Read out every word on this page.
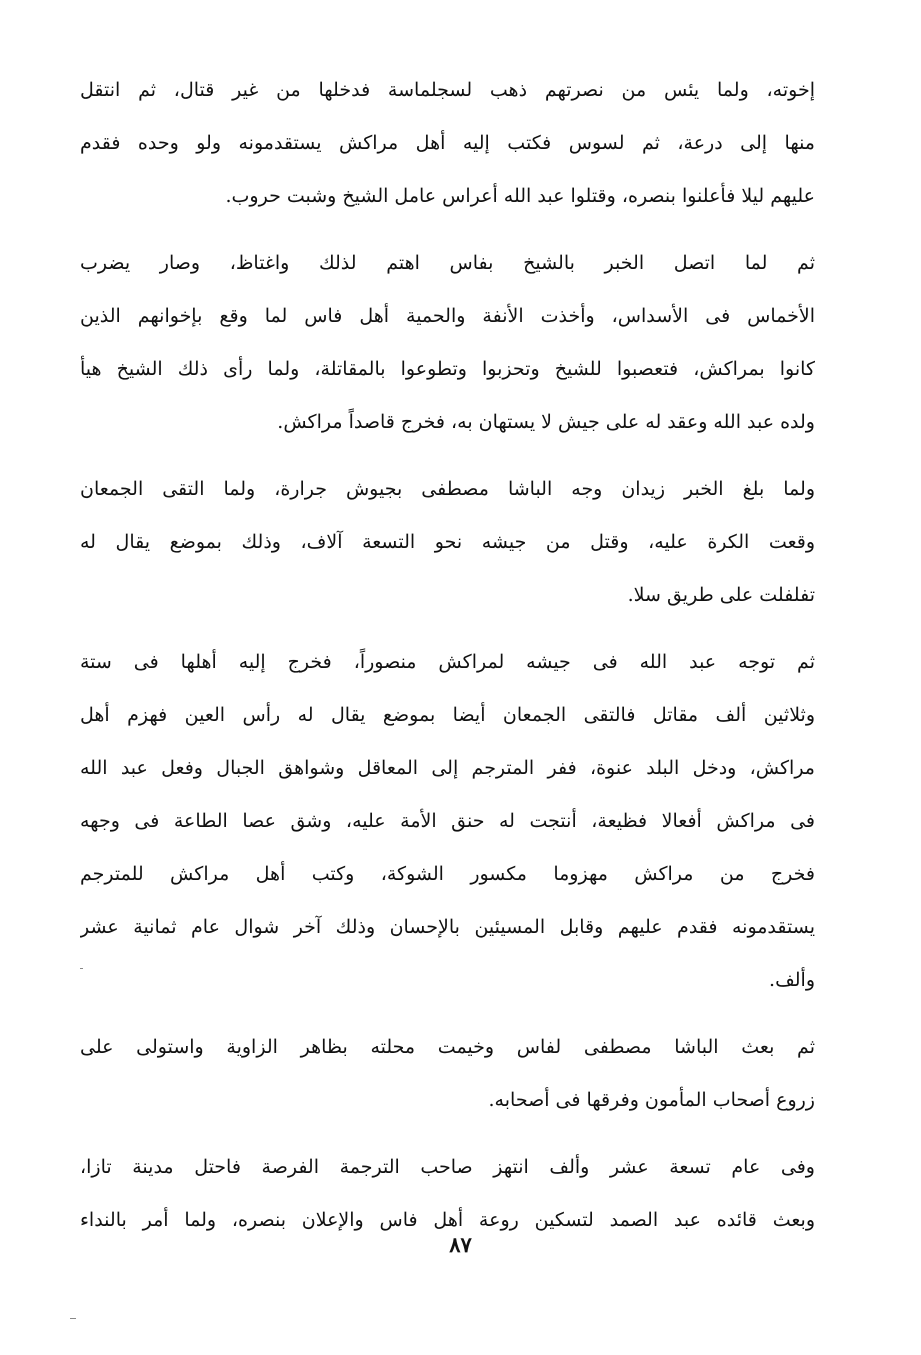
إخوته، ولما يئس من نصرتهم ذهب لسجلماسة فدخلها من غير قتال، ثم انتقل
منها إلى درعة، ثم لسوس فكتب إليه أهل مراكش يستقدمونه ولو وحده فقدم
عليهم ليلا فأعلنوا بنصره، وقتلوا عبد الله أعراس عامل الشيخ وشبت حروب.
ثم لما اتصل الخبر بالشيخ بفاس اهتم لذلك واغتاظ، وصار يضرب
الأخماس فى الأسداس، وأخذت الأنفة والحمية أهل فاس لما وقع بإخوانهم الذين
كانوا بمراكش، فتعصبوا للشيخ وتحزبوا وتطوعوا بالمقاتلة، ولما رأى ذلك الشيخ هيأ
ولده عبد الله وعقد له على جيش لا يستهان به، فخرج قاصداً مراكش.
ولما بلغ الخبر زيدان وجه الباشا مصطفى بجيوش جرارة، ولما التقى الجمعان
وقعت الكرة عليه، وقتل من جيشه نحو التسعة آلاف، وذلك بموضع يقال له
تفلفلت على طريق سلا.
ثم توجه عبد الله فى جيشه لمراكش منصوراً، فخرج إليه أهلها فى ستة
وثلاثين ألف مقاتل فالتقى الجمعان أيضا بموضع يقال له رأس العين فهزم أهل
مراكش، ودخل البلد عنوة، ففر المترجم إلى المعاقل وشواهق الجبال وفعل عبد الله
فى مراكش أفعالا فظيعة، أنتجت له حنق الأمة عليه، وشق عصا الطاعة فى وجهه
فخرج من مراكش مهزوما مكسور الشوكة، وكتب أهل مراكش للمترجم
يستقدمونه فقدم عليهم وقابل المسيئين بالإحسان وذلك آخر شوال عام ثمانية عشر
وألف.
ثم بعث الباشا مصطفى لفاس وخيمت محلته بظاهر الزاوية واستولى على
زروع أصحاب المأمون وفرقها فى أصحابه.
وفى عام تسعة عشر وألف انتهز صاحب الترجمة الفرصة فاحتل مدينة تازا،
وبعث قائده عبد الصمد لتسكين روعة أهل فاس والإعلان بنصره، ولما أمر بالنداء
٨٧
